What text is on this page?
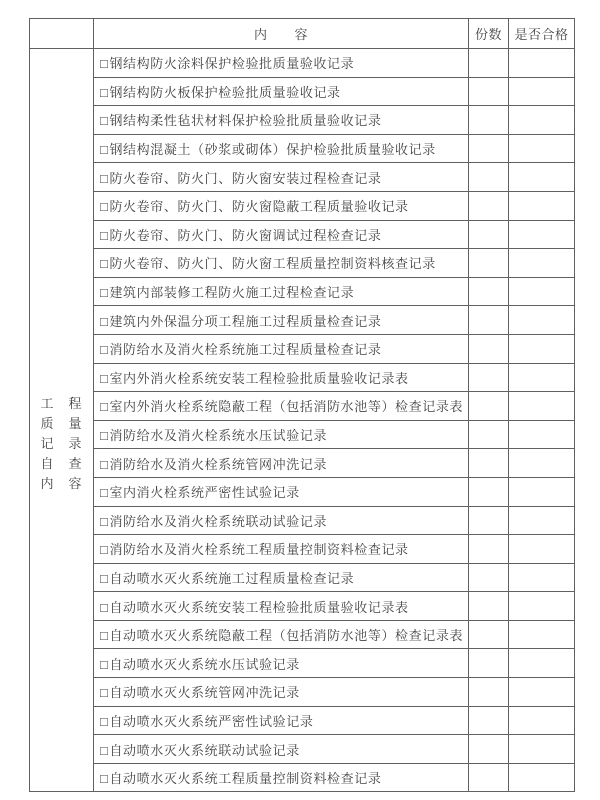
	内　　容	份数	是否合格

工　程
质　量
记　录
自　查
内　容	□钢结构防火涂料保护检验批质量验收记录		
	□钢结构防火板保护检验批质量验收记录		
	□钢结构柔性毡状材料保护检验批质量验收记录		
	□钢结构混凝土（砂浆或砌体）保护检验批质量验收记录		
	□防火卷帘、防火门、防火窗安装过程检查记录		
	□防火卷帘、防火门、防火窗隐蔽工程质量验收记录		
	□防火卷帘、防火门、防火窗调试过程检查记录		
	□防火卷帘、防火门、防火窗工程质量控制资料核查记录		
	□建筑内部装修工程防火施工过程检查记录		
	□建筑内外保温分项工程施工过程质量检查记录		
	□消防给水及消火栓系统施工过程质量检查记录		
	□室内外消火栓系统安装工程检验批质量验收记录表		
	□室内外消火栓系统隐蔽工程（包括消防水池等）检查记录表		
	□消防给水及消火栓系统水压试验记录		
	□消防给水及消火栓系统管网冲洗记录		
	□室内消火栓系统严密性试验记录		
	□消防给水及消火栓系统联动试验记录		
	□消防给水及消火栓系统工程质量控制资料检查记录		
	□自动喷水灭火系统施工过程质量检查记录		
	□自动喷水灭火系统安装工程检验批质量验收记录表		
	□自动喷水灭火系统隐蔽工程（包括消防水池等）检查记录表		
	□自动喷水灭火系统水压试验记录		
	□自动喷水灭火系统管网冲洗记录		
	□自动喷水灭火系统严密性试验记录		
	□自动喷水灭火系统联动试验记录		
	□自动喷水灭火系统工程质量控制资料检查记录		
